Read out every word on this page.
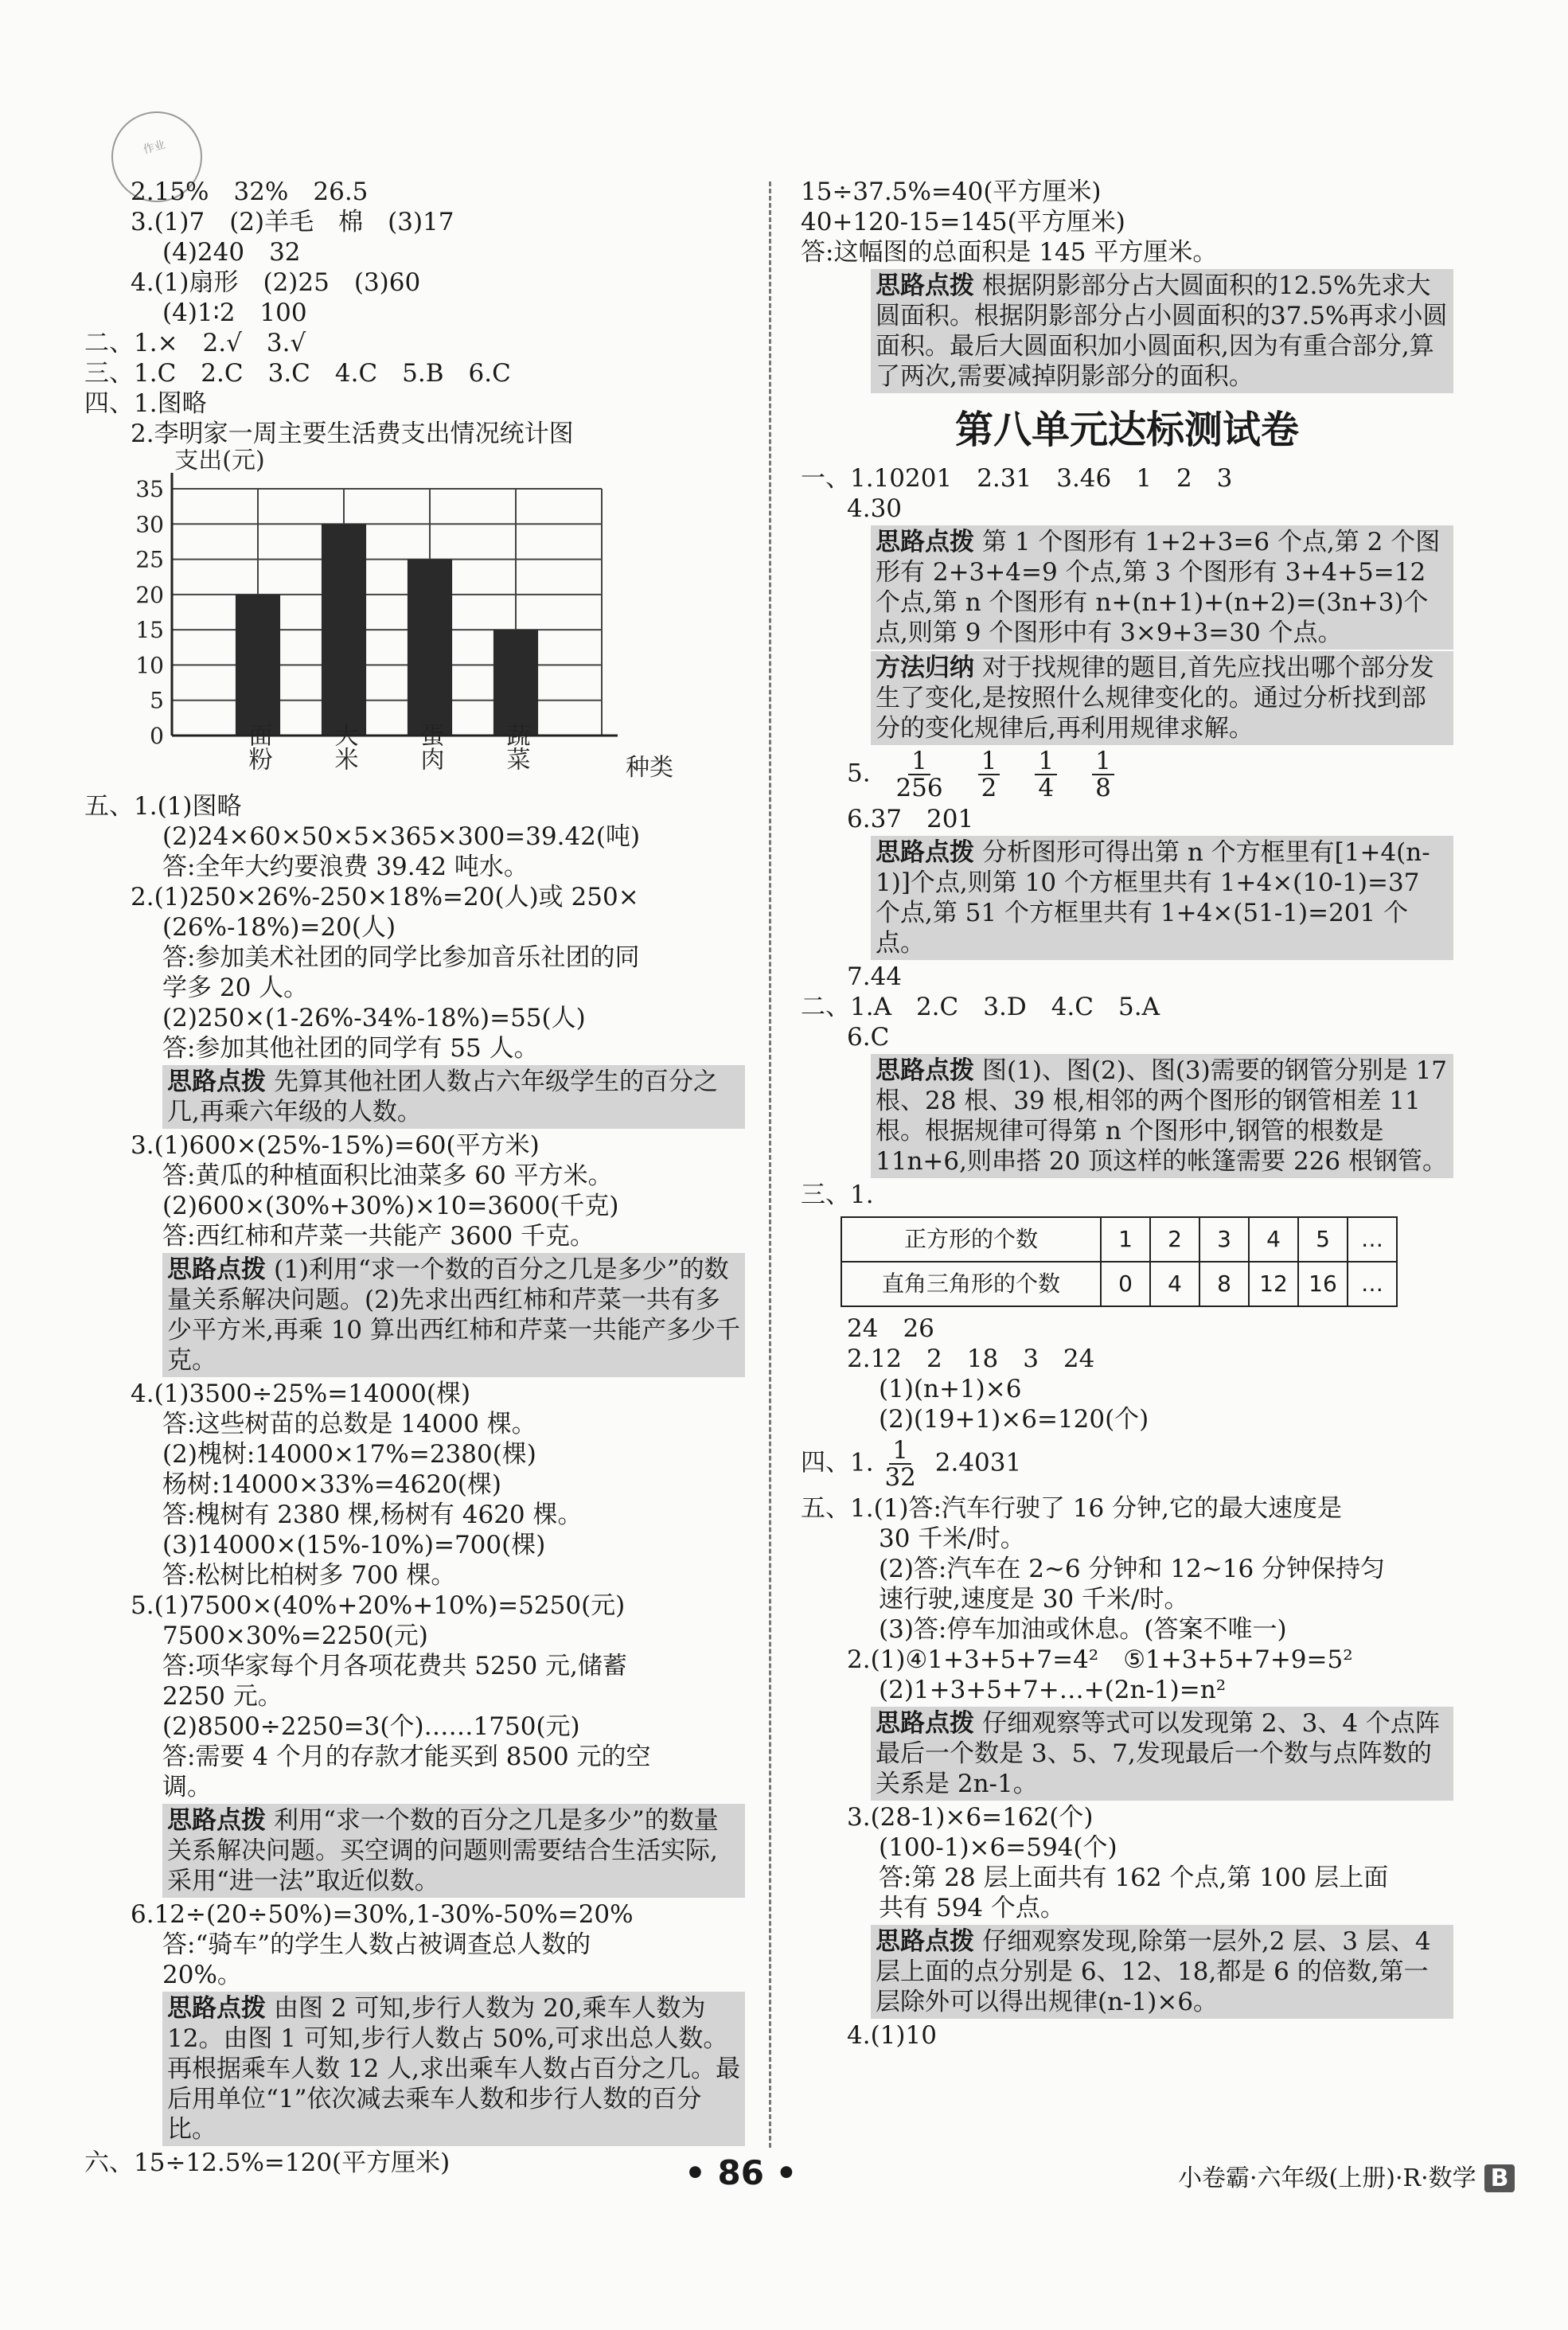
作业
2.15%　32%　26.5
3.(1)7　(2)羊毛　棉　(3)17
(4)240　32
4.(1)扇形　(2)25　(3)60
(4)1∶2　100
二、1.×　2.√　3.√
三、1.C　2.C　3.C　4.C　5.B　6.C
四、1.图略
2.李明家一周主要生活费支出情况统计图
支出(元)
0
5
10
15
20
25
30
35
面粉 大米 蛋肉 蔬菜	种类
五、1.(1)图略
(2)24×60×50×5×365×300=39.42(吨)
答:全年大约要浪费 39.42 吨水。
2.(1)250×26%-250×18%=20(人)或 250×
(26%-18%)=20(人)
答:参加美术社团的同学比参加音乐社团的同
学多 20 人。
(2)250×(1-26%-34%-18%)=55(人)
答:参加其他社团的同学有 55 人。
思路点拨 先算其他社团人数占六年级学生的百分之几,再乘六年级的人数。
3.(1)600×(25%-15%)=60(平方米)
答:黄瓜的种植面积比油菜多 60 平方米。
(2)600×(30%+30%)×10=3600(千克)
答:西红柿和芹菜一共能产 3600 千克。
思路点拨 (1)利用“求一个数的百分之几是多少”的数量关系解决问题。(2)先求出西红柿和芹菜一共有多少平方米,再乘 10 算出西红柿和芹菜一共能产多少千克。
4.(1)3500÷25%=14000(棵)
答:这些树苗的总数是 14000 棵。
(2)槐树:14000×17%=2380(棵)
杨树:14000×33%=4620(棵)
答:槐树有 2380 棵,杨树有 4620 棵。
(3)14000×(15%-10%)=700(棵)
答:松树比柏树多 700 棵。
5.(1)7500×(40%+20%+10%)=5250(元)
7500×30%=2250(元)
答:项华家每个月各项花费共 5250 元,储蓄
2250 元。
(2)8500÷2250=3(个)……1750(元)
答:需要 4 个月的存款才能买到 8500 元的空
调。
思路点拨 利用“求一个数的百分之几是多少”的数量关系解决问题。买空调的问题则需要结合生活实际,采用“进一法”取近似数。
6.12÷(20÷50%)=30%,1-30%-50%=20%
答:“骑车”的学生人数占被调查总人数的
20%。
思路点拨 由图 2 可知,步行人数为 20,乘车人数为 12。由图 1 可知,步行人数占 50%,可求出总人数。再根据乘车人数 12 人,求出乘车人数占百分之几。最后用单位“1”依次减去乘车人数和步行人数的百分比。
六、15÷12.5%=120(平方厘米)
15÷37.5%=40(平方厘米)
40+120-15=145(平方厘米)
答:这幅图的总面积是 145 平方厘米。
思路点拨 根据阴影部分占大圆面积的12.5%先求大圆面积。根据阴影部分占小圆面积的37.5%再求小圆面积。最后大圆面积加小圆面积,因为有重合部分,算了两次,需要减掉阴影部分的面积。
第八单元达标测试卷
一、1.10201　2.31　3.46　1　2　3
4.30
思路点拨 第 1 个图形有 1+2+3=6 个点,第 2 个图形有 2+3+4=9 个点,第 3 个图形有 3+4+5=12 个点,第 n 个图形有 n+(n+1)+(n+2)=(3n+3)个点,则第 9 个图形中有 3×9+3=30 个点。
方法归纳 对于找规律的题目,首先应找出哪个部分发生了变化,是按照什么规律变化的。通过分析找到部分的变化规律后,再利用规律求解。
5. $\frac{1}{256} \frac{1}{2} \frac{1}{4} \frac{1}{8}$
6.37　201
思路点拨 分析图形可得出第 n 个方框里有[1+4(n-1)]个点,则第 10 个方框里共有 1+4×(10-1)=37 个点,第 51 个方框里共有 1+4×(51-1)=201 个点。
7.44
二、1.A　2.C　3.D　4.C　5.A
6.C
思路点拨 图(1)、图(2)、图(3)需要的钢管分别是 17 根、28 根、39 根,相邻的两个图形的钢管相差 11 根。根据规律可得第 n 个图形中,钢管的根数是 11n+6,则串搭 20 顶这样的帐篷需要 226 根钢管。
三、1.
正方形的个数	1	2	3	4	5	…
直角三角形的个数	0	4	8	12	16	…
24　26
2.12　2　18　3　24
(1)(n+1)×6
(2)(19+1)×6=120(个)
四、1. $\frac{1}{32} 2.4031$
五、1.(1)答:汽车行驶了 16 分钟,它的最大速度是
30 千米/时。
(2)答:汽车在 2~6 分钟和 12~16 分钟保持匀
速行驶,速度是 30 千米/时。
(3)答:停车加油或休息。(答案不唯一)
2.(1)④1+3+5+7=4²　⑤1+3+5+7+9=5²
(2)1+3+5+7+…+(2n-1)=n²
思路点拨 仔细观察等式可以发现第 2、3、4 个点阵最后一个数是 3、5、7,发现最后一个数与点阵数的关系是 2n-1。
3.(28-1)×6=162(个)
(100-1)×6=594(个)
答:第 28 层上面共有 162 个点,第 100 层上面
共有 594 个点。
思路点拨 仔细观察发现,除第一层外,2 层、3 层、4 层上面的点分别是 6、12、18,都是 6 的倍数,第一层除外可以得出规律(n-1)×6。
4.(1)10
• 86 •	小卷霸·六年级(上册)·R·数学 B
